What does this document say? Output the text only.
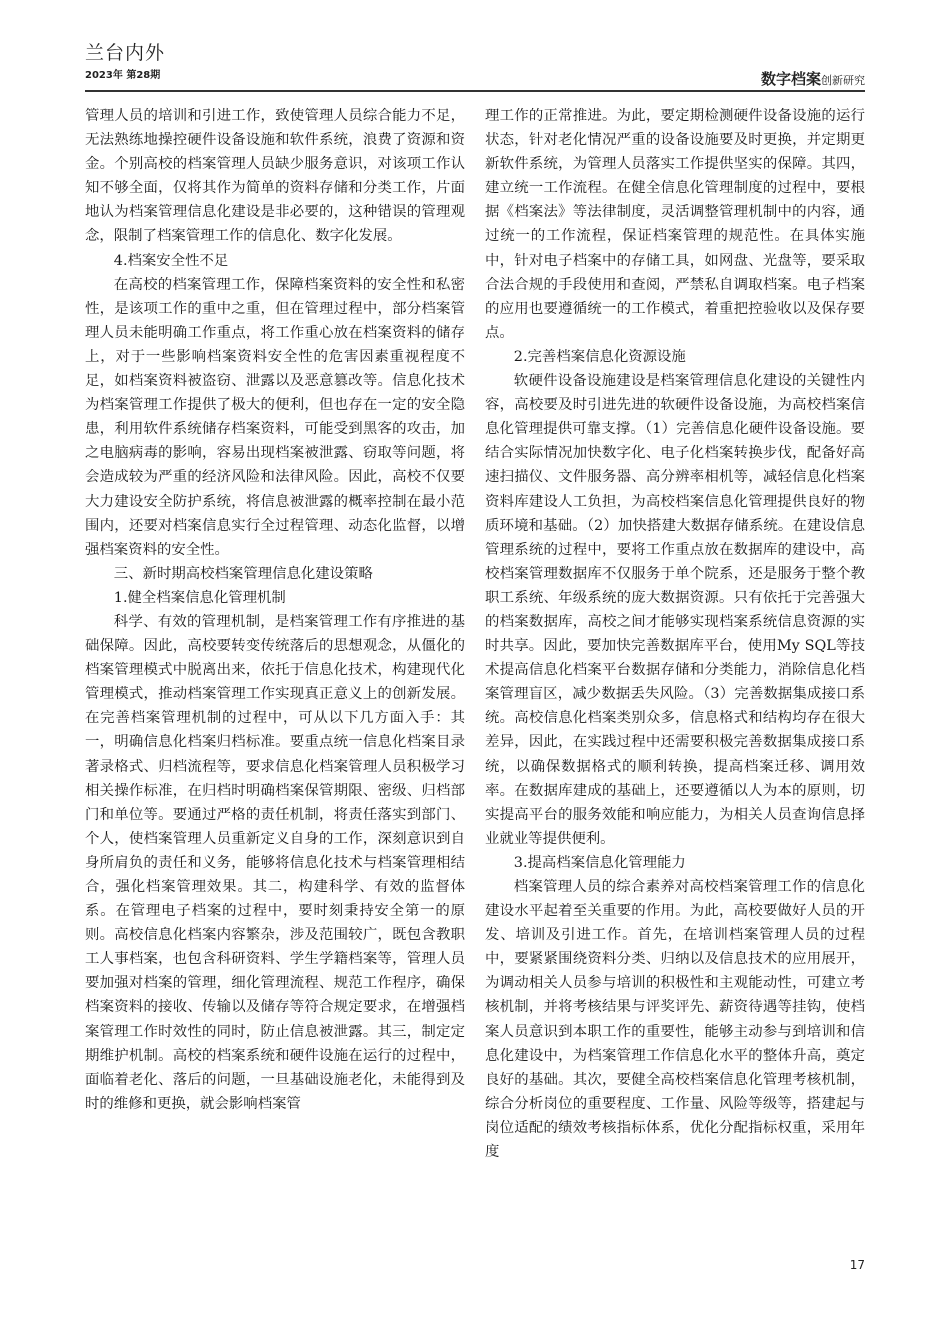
兰台内外
2023年 第28期	数字档案创新研究

管理人员的培训和引进工作，致使管理人员综合能力不足，无法熟练地操控硬件设备设施和软件系统，浪费了资源和资金。个别高校的档案管理人员缺少服务意识，对该项工作认知不够全面，仅将其作为简单的资料存储和分类工作，片面地认为档案管理信息化建设是非必要的，这种错误的管理观念，限制了档案管理工作的信息化、数字化发展。

4.档案安全性不足

在高校的档案管理工作，保障档案资料的安全性和私密性，是该项工作的重中之重，但在管理过程中，部分档案管理人员未能明确工作重点，将工作重心放在档案资料的储存上，对于一些影响档案资料安全性的危害因素重视程度不足，如档案资料被盗窃、泄露以及恶意篡改等。信息化技术为档案管理工作提供了极大的便利，但也存在一定的安全隐患，利用软件系统储存档案资料，可能受到黑客的攻击，加之电脑病毒的影响，容易出现档案被泄露、窃取等问题，将会造成较为严重的经济风险和法律风险。因此，高校不仅要大力建设安全防护系统，将信息被泄露的概率控制在最小范围内，还要对档案信息实行全过程管理、动态化监督，以增强档案资料的安全性。

三、新时期高校档案管理信息化建设策略

1.健全档案信息化管理机制

科学、有效的管理机制，是档案管理工作有序推进的基础保障。因此，高校要转变传统落后的思想观念，从僵化的档案管理模式中脱离出来，依托于信息化技术，构建现代化管理模式，推动档案管理工作实现真正意义上的创新发展。在完善档案管理机制的过程中，可从以下几方面入手：其一，明确信息化档案归档标准。要重点统一信息化档案目录著录格式、归档流程等，要求信息化档案管理人员积极学习相关操作标准，在归档时明确档案保管期限、密级、归档部门和单位等。要通过严格的责任机制，将责任落实到部门、个人，使档案管理人员重新定义自身的工作，深刻意识到自身所肩负的责任和义务，能够将信息化技术与档案管理相结合，强化档案管理效果。其二，构建科学、有效的监督体系。在管理电子档案的过程中，要时刻秉持安全第一的原则。高校信息化档案内容繁杂，涉及范围较广，既包含教职工人事档案，也包含科研资料、学生学籍档案等，管理人员要加强对档案的管理，细化管理流程、规范工作程序，确保档案资料的接收、传输以及储存等符合规定要求，在增强档案管理工作时效性的同时，防止信息被泄露。其三，制定定期维护机制。高校的档案系统和硬件设施在运行的过程中，面临着老化、落后的问题，一旦基础设施老化，未能得到及时的维修和更换，就会影响档案管

理工作的正常推进。为此，要定期检测硬件设备设施的运行状态，针对老化情况严重的设备设施要及时更换，并定期更新软件系统，为管理人员落实工作提供坚实的保障。其四，建立统一工作流程。在健全信息化管理制度的过程中，要根据《档案法》等法律制度，灵活调整管理机制中的内容，通过统一的工作流程，保证档案管理的规范性。在具体实施中，针对电子档案中的存储工具，如网盘、光盘等，要采取合法合规的手段使用和查阅，严禁私自调取档案。电子档案的应用也要遵循统一的工作模式，着重把控验收以及保存要点。

2.完善档案信息化资源设施

软硬件设备设施建设是档案管理信息化建设的关键性内容，高校要及时引进先进的软硬件设备设施，为高校档案信息化管理提供可靠支撑。（1）完善信息化硬件设备设施。要结合实际情况加快数字化、电子化档案转换步伐，配备好高速扫描仪、文件服务器、高分辨率相机等，减轻信息化档案资料库建设人工负担，为高校档案信息化管理提供良好的物质环境和基础。（2）加快搭建大数据存储系统。在建设信息管理系统的过程中，要将工作重点放在数据库的建设中，高校档案管理数据库不仅服务于单个院系，还是服务于整个教职工系统、年级系统的庞大数据资源。只有依托于完善强大的档案数据库，高校之间才能够实现档案系统信息资源的实时共享。因此，要加快完善数据库平台，使用My SQL等技术提高信息化档案平台数据存储和分类能力，消除信息化档案管理盲区，减少数据丢失风险。（3）完善数据集成接口系统。高校信息化档案类别众多，信息格式和结构均存在很大差异，因此，在实践过程中还需要积极完善数据集成接口系统，以确保数据格式的顺利转换，提高档案迁移、调用效率。在数据库建成的基础上，还要遵循以人为本的原则，切实提高平台的服务效能和响应能力，为相关人员查询信息择业就业等提供便利。

3.提高档案信息化管理能力

档案管理人员的综合素养对高校档案管理工作的信息化建设水平起着至关重要的作用。为此，高校要做好人员的开发、培训及引进工作。首先，在培训档案管理人员的过程中，要紧紧围绕资料分类、归纳以及信息技术的应用展开，为调动相关人员参与培训的积极性和主观能动性，可建立考核机制，并将考核结果与评奖评先、薪资待遇等挂钩，使档案人员意识到本职工作的重要性，能够主动参与到培训和信息化建设中，为档案管理工作信息化水平的整体升高，奠定良好的基础。其次，要健全高校档案信息化管理考核机制，综合分析岗位的重要程度、工作量、风险等级等，搭建起与岗位适配的绩效考核指标体系，优化分配指标权重，采用年度

17
